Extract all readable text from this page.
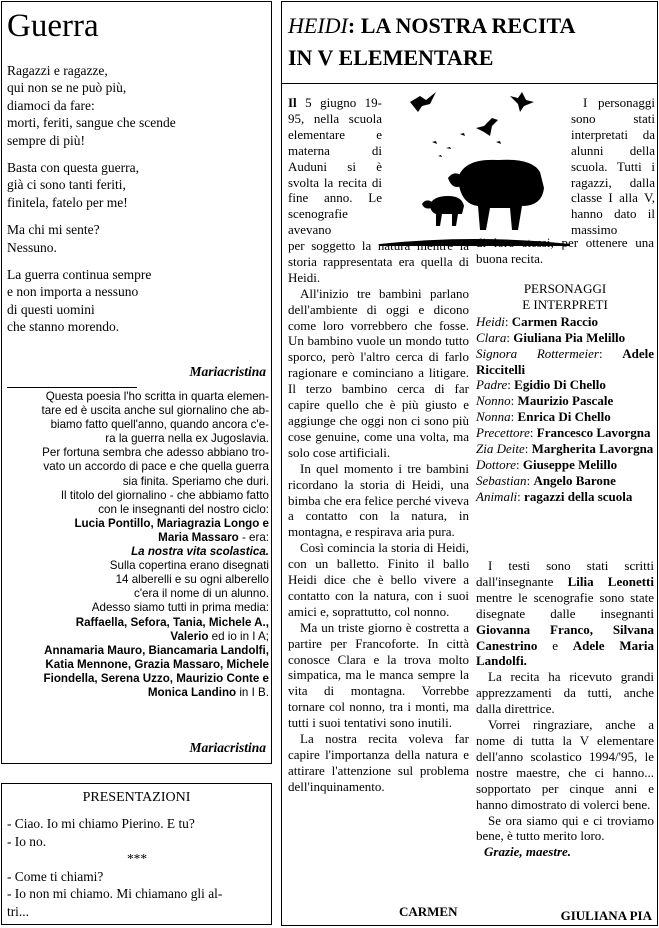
Guerra
Ragazzi e ragazze,
qui non se ne può più,
diamoci da fare:
morti, feriti, sangue che scende
sempre di più!
Basta con questa guerra,
già ci sono tanti feriti,
finitela, fatelo per me!
Ma chi mi sente?
Nessuno.
La guerra continua sempre
e non importa a nessuno
di questi uomini
che stanno morendo.
Mariacristina
Questa poesia l'ho scritta in quarta elemen-
tare ed è uscita anche sul giornalino che ab-
biamo fatto quell'anno, quando ancora c'e-
ra la guerra nella ex Jugoslavia.
Per fortuna sembra che adesso abbiano tro-
vato un accordo di pace e che quella guerra
sia finita. Speriamo che duri.
Il titolo del giornalino - che abbiamo fatto
con le insegnanti del nostro ciclo:
Lucia Pontillo, Mariagrazia Longo e
Maria Massaro - era:
La nostra vita scolastica.
Sulla copertina erano disegnati
14 alberelli e su ogni alberello
c'era il nome di un alunno.
Adesso siamo tutti in prima media:
Raffaella, Sefora, Tania, Michele A.,
Valerio ed io in I A;
Annamaria Mauro, Biancamaria Landolfi,
Katia Mennone, Grazia Massaro, Michele
Fiondella, Serena Uzzo, Maurizio Conte e
Monica Landino in I B.
Mariacristina
PRESENTAZIONI
- Ciao. Io mi chiamo Pierino. E tu?
- Io no.
***
- Come ti chiami?
- Io non mi chiamo. Mi chiamano gli al-
tri...
HEIDI: LA NOSTRA RECITA
IN V ELEMENTARE

Il 5 giugno 19-95, nella scuola elementare e materna di Auduni si è svolta la recita di fine anno. Le scenografie avevano

I personaggi sono stati interpretati da alunni della scuola. Tutti i ragazzi, dalla classe I alla V, hanno dato il massimo

per soggetto la natura mentre la storia rappresentata era quella di Heidi.

All'inizio tre bambini parlano dell'ambiente di oggi e dicono come loro vorrebbero che fosse. Un bambino vuole un mondo tutto sporco, però l'altro cerca di farlo ragionare e cominciano a litigare. Il terzo bambino cerca di far capire quello che è più giusto e aggiunge che oggi non ci sono più cose genuine, come una volta, ma solo cose artificiali.

In quel momento i tre bambini ricordano la storia di Heidi, una bimba che era felice perché viveva a contatto con la natura, in montagna, e respirava aria pura.

Così comincia la storia di Heidi, con un balletto. Finito il ballo Heidi dice che è bello vivere a contatto con la natura, con i suoi amici e, soprattutto, col nonno.

Ma un triste giorno è costretta a partire per Francoforte. In città conosce Clara e la trova molto simpatica, ma le manca sempre la vita di montagna. Vorrebbe tornare col nonno, tra i monti, ma tutti i suoi tentativi sono inutili.

La nostra recita voleva far capire l'importanza della natura e attirare l'attenzione sul problema dell'inquinamento.

di loro stessi, per ottenere una buona recita.

PERSONAGGI
E INTERPRETI
Heidi: Carmen Raccio
Clara: Giuliana Pia Melillo
Signora Rottermeier: Adele Riccitelli
Padre: Egidio Di Chello
Nonno: Maurizio Pascale
Nonna: Enrica Di Chello
Precettore: Francesco Lavorgna
Zia Deite: Margherita Lavorgna
Dottore: Giuseppe Melillo
Sebastian: Angelo Barone
Animali: ragazzi della scuola

I testi sono stati scritti dall'insegnante Lilia Leonetti mentre le scenografie sono state disegnate dalle insegnanti Giovanna Franco, Silvana Canestrino e Adele Maria Landolfi.

La recita ha ricevuto grandi apprezzamenti da tutti, anche dalla direttrice.

Vorrei ringraziare, anche a nome di tutta la V elementare dell'anno scolastico 1994/'95, le nostre maestre, che ci hanno... sopportato per cinque anni e hanno dimostrato di volerci bene.

Se ora siamo qui e ci troviamo bene, è tutto merito loro.

Grazie, maestre.

CARMEN	GIULIANA PIA
